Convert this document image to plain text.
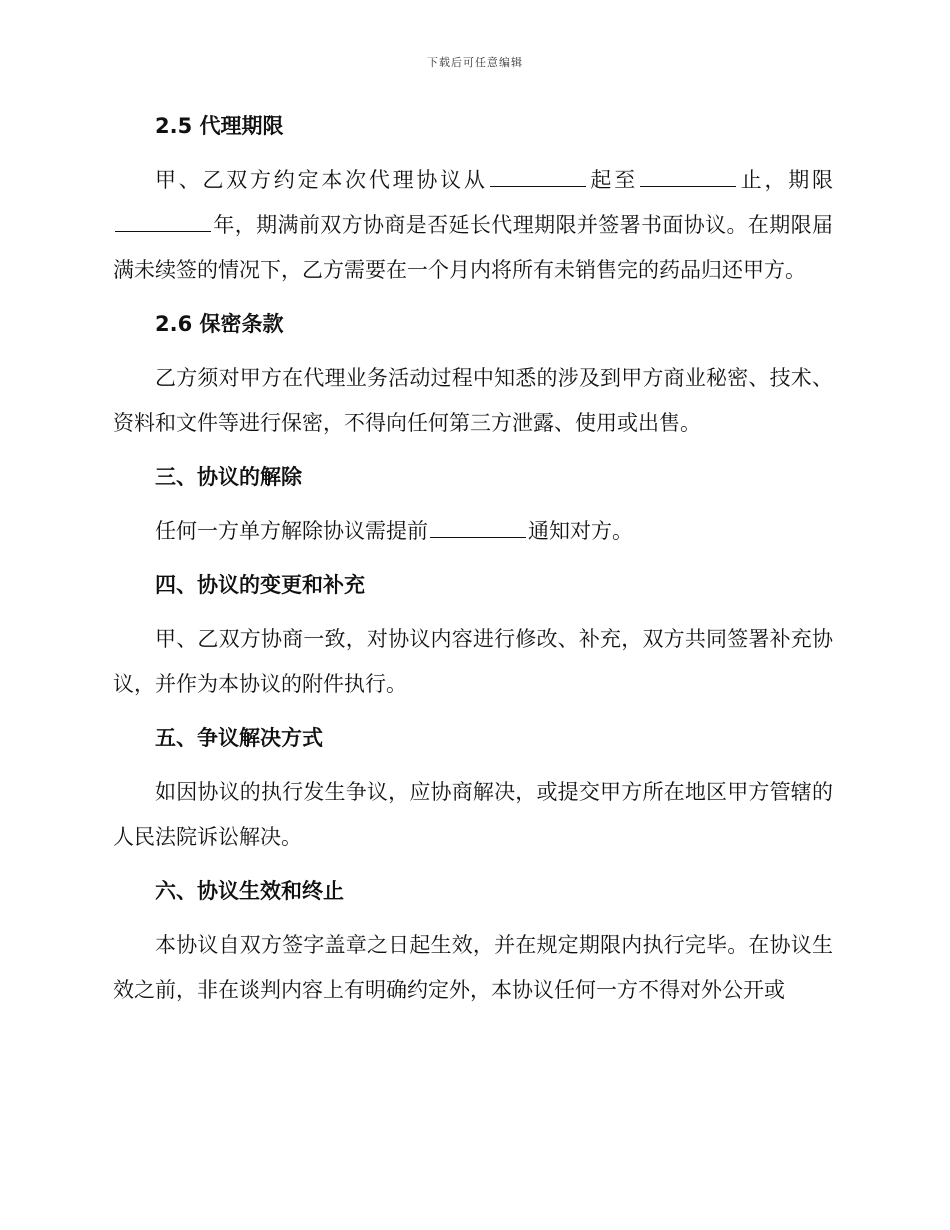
下载后可任意编辑
2.5 代理期限
甲、乙双方约定本次代理协议从	起至	止，期限年，期满前双方协商是否延长代理期限并签署书面协议。在期限届满未续签的情况下，乙方需要在一个月内将所有未销售完的药品归还甲方。
2.6 保密条款
乙方须对甲方在代理业务活动过程中知悉的涉及到甲方商业秘密、技术、资料和文件等进行保密，不得向任何第三方泄露、使用或出售。
三、协议的解除
任何一方单方解除协议需提前	通知对方。
四、协议的变更和补充
甲、乙双方协商一致，对协议内容进行修改、补充，双方共同签署补充协议，并作为本协议的附件执行。
五、争议解决方式
如因协议的执行发生争议，应协商解决，或提交甲方所在地区甲方管辖的人民法院诉讼解决。
六、协议生效和终止
本协议自双方签字盖章之日起生效，并在规定期限内执行完毕。在协议生效之前，非在谈判内容上有明确约定外，本协议任何一方不得对外公开或
